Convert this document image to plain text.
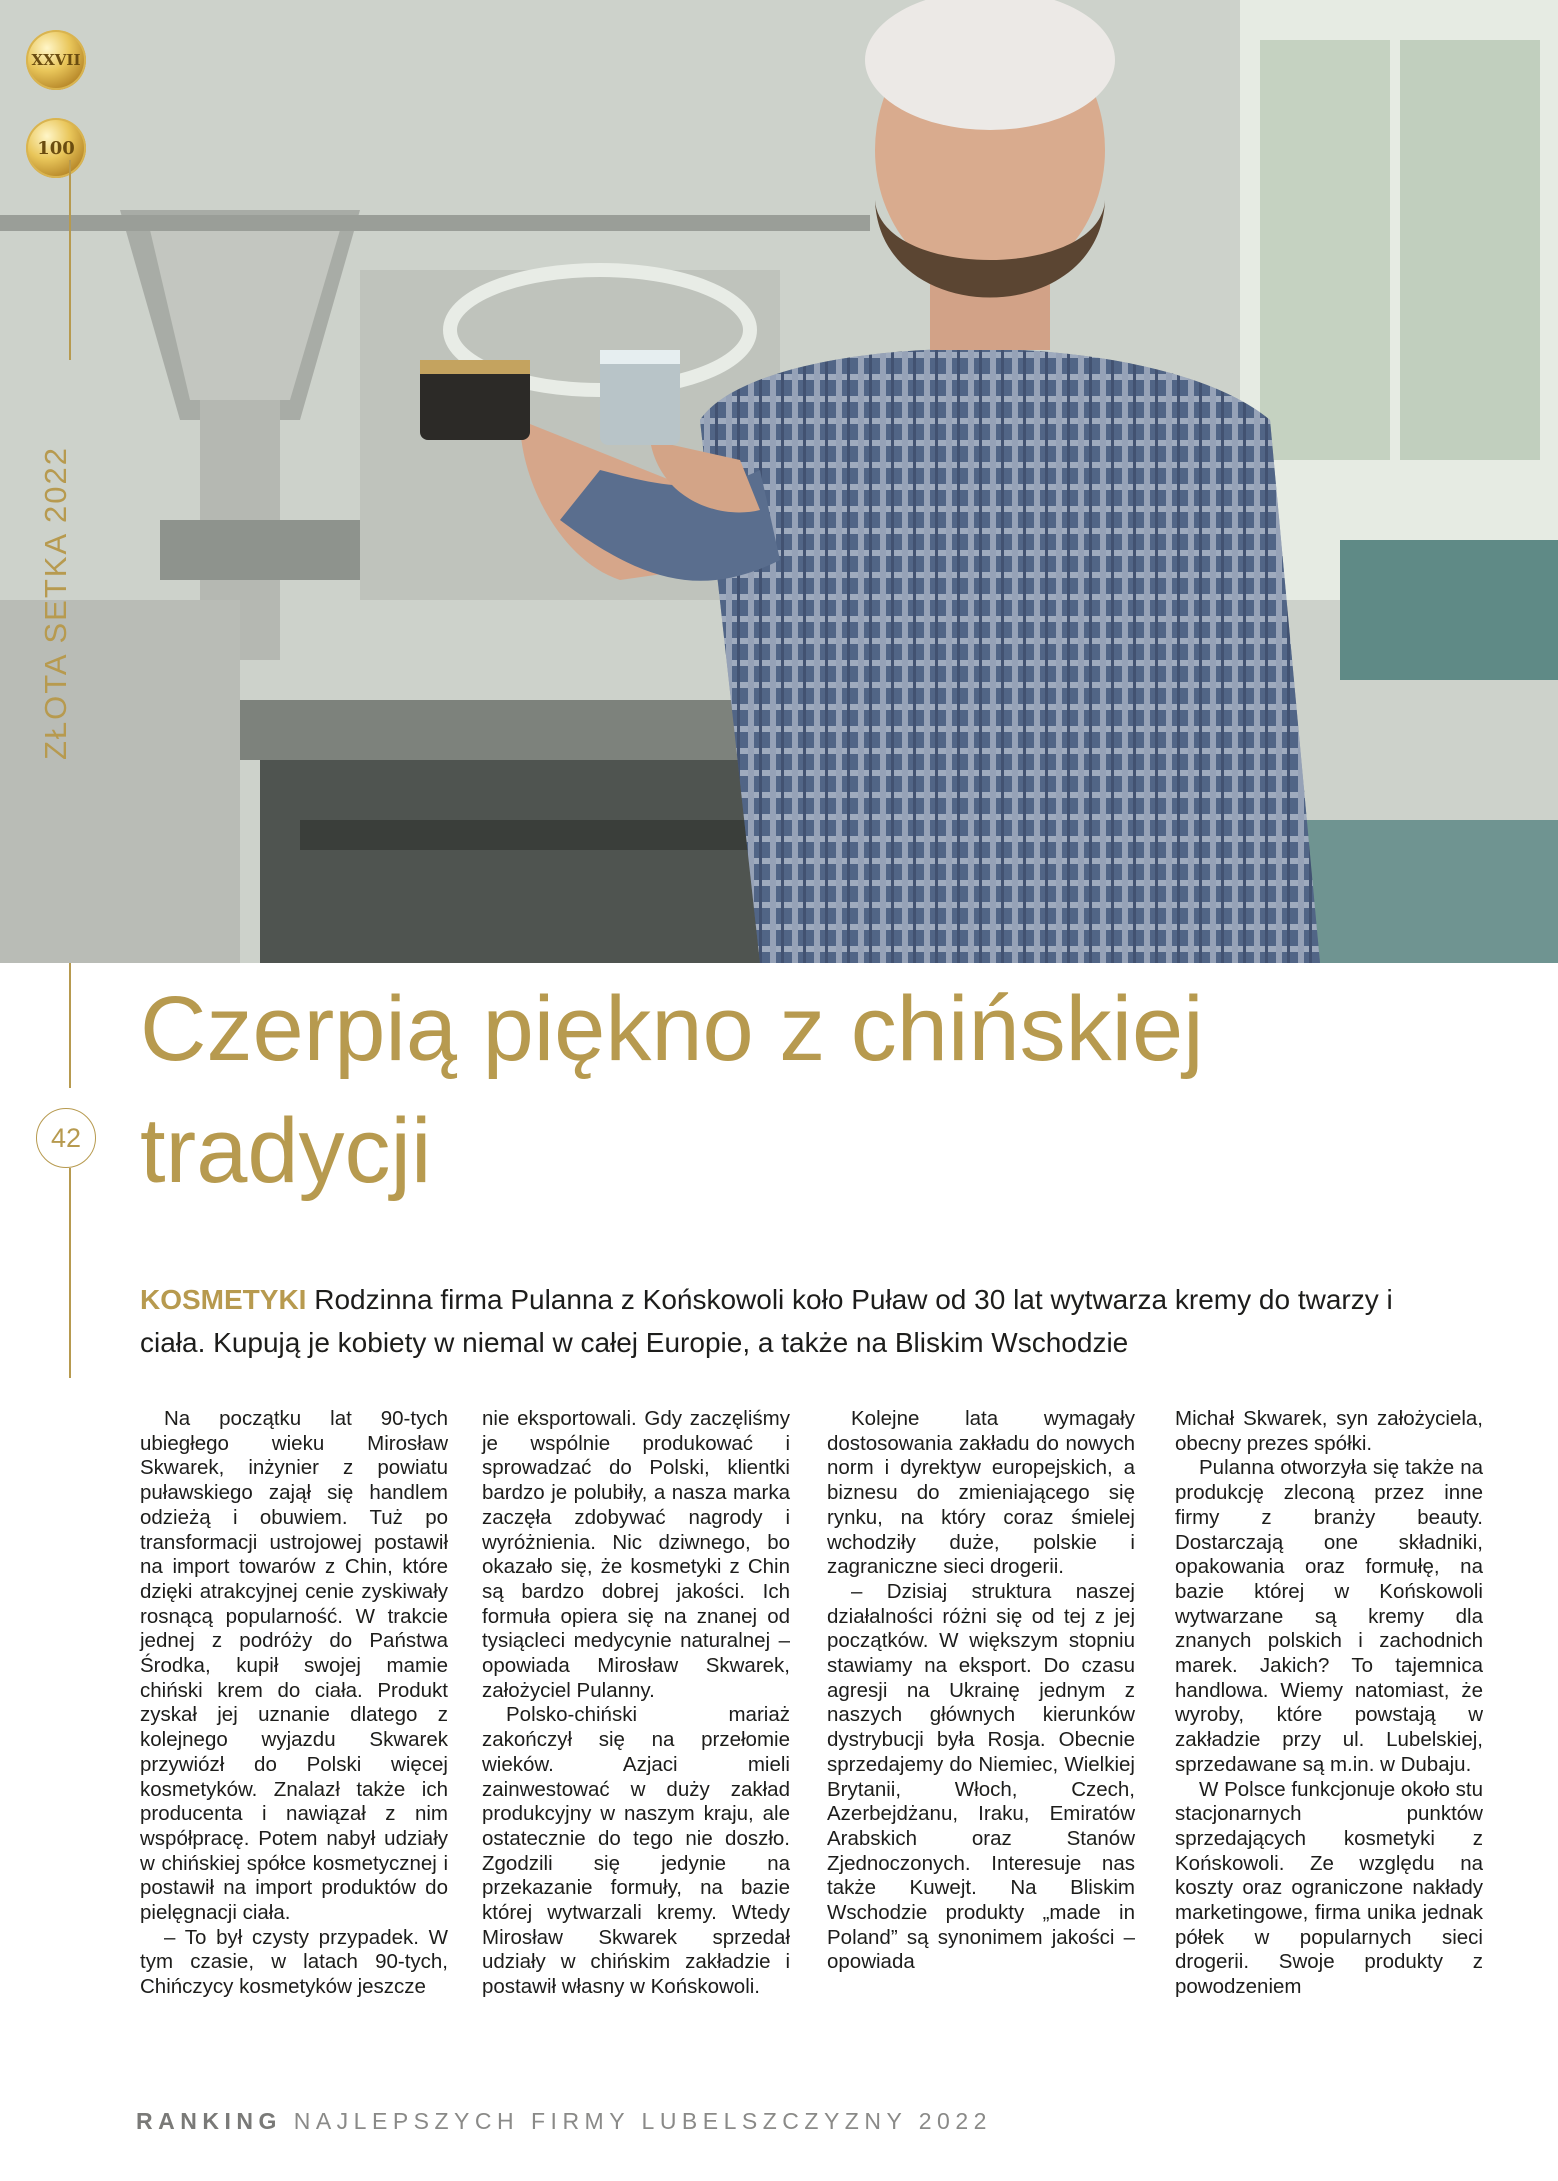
XXVII
100
ZŁOTA SETKA 2022
42
Czerpią piękno z chińskiej
tradycji
KOSMETYKI Rodzinna firma Pulanna z Końskowoli koło Puław od 30 lat wytwarza kremy do twarzy i ciała. Kupują je kobiety w niemal w całej Europie, a także na Bliskim Wschodzie

Na początku lat 90-tych ubiegłego wieku Mirosław Skwarek, inżynier z powiatu puławskiego zajął się handlem odzieżą i obuwiem. Tuż po transformacji ustrojowej postawił na import towarów z Chin, które dzięki atrakcyjnej cenie zyskiwały rosnącą popularność. W trakcie jednej z podróży do Państwa Środka, kupił swojej mamie chiński krem do ciała. Produkt zyskał jej uznanie dlatego z kolejnego wyjazdu Skwarek przywiózł do Polski więcej kosmetyków. Znalazł także ich producenta i nawiązał z nim współpracę. Potem nabył udziały w chińskiej spółce kosmetycznej i postawił na import produktów do pielęgnacji ciała.

– To był czysty przypadek. W tym czasie, w latach 90-tych, Chińczycy kosmetyków jeszcze

nie eksportowali. Gdy zaczęliśmy je wspólnie produkować i sprowadzać do Polski, klientki bardzo je polubiły, a nasza marka zaczęła zdobywać nagrody i wyróżnienia. Nic dziwnego, bo okazało się, że kosmetyki z Chin są bardzo dobrej jakości. Ich formuła opiera się na znanej od tysiącleci medycynie naturalnej – opowiada Mirosław Skwarek, założyciel Pulanny.

Polsko-chiński mariaż zakończył się na przełomie wieków. Azjaci mieli zainwestować w duży zakład produkcyjny w naszym kraju, ale ostatecznie do tego nie doszło. Zgodzili się jedynie na przekazanie formuły, na bazie której wytwarzali kremy. Wtedy Mirosław Skwarek sprzedał udziały w chińskim zakładzie i postawił własny w Końskowoli.

Kolejne lata wymagały dostosowania zakładu do nowych norm i dyrektyw europejskich, a biznesu do zmieniającego się rynku, na który coraz śmielej wchodziły duże, polskie i zagraniczne sieci drogerii.

– Dzisiaj struktura naszej działalności różni się od tej z jej początków. W większym stopniu stawiamy na eksport. Do czasu agresji na Ukrainę jednym z naszych głównych kierunków dystrybucji była Rosja. Obecnie sprzedajemy do Niemiec, Wielkiej Brytanii, Włoch, Czech, Azerbejdżanu, Iraku, Emiratów Arabskich oraz Stanów Zjednoczonych. Interesuje nas także Kuwejt. Na Bliskim Wschodzie produkty „made in Poland” są synonimem jakości – opowiada

Michał Skwarek, syn założyciela, obecny prezes spółki.

Pulanna otworzyła się także na produkcję zleconą przez inne firmy z branży beauty. Dostarczają one składniki, opakowania oraz formułę, na bazie której w Końskowoli wytwarzane są kremy dla znanych polskich i zachodnich marek. Jakich? To tajemnica handlowa. Wiemy natomiast, że wyroby, które powstają w zakładzie przy ul. Lubelskiej, sprzedawane są m.in. w Dubaju.

W Polsce funkcjonuje około stu stacjonarnych punktów sprzedających kosmetyki z Końskowoli. Ze względu na koszty oraz ograniczone nakłady marketingowe, firma unika jednak półek w popularnych sieci drogerii. Swoje produkty z powodzeniem

RANKING NAJLEPSZYCH FIRMY LUBELSZCZYZNY 2022
